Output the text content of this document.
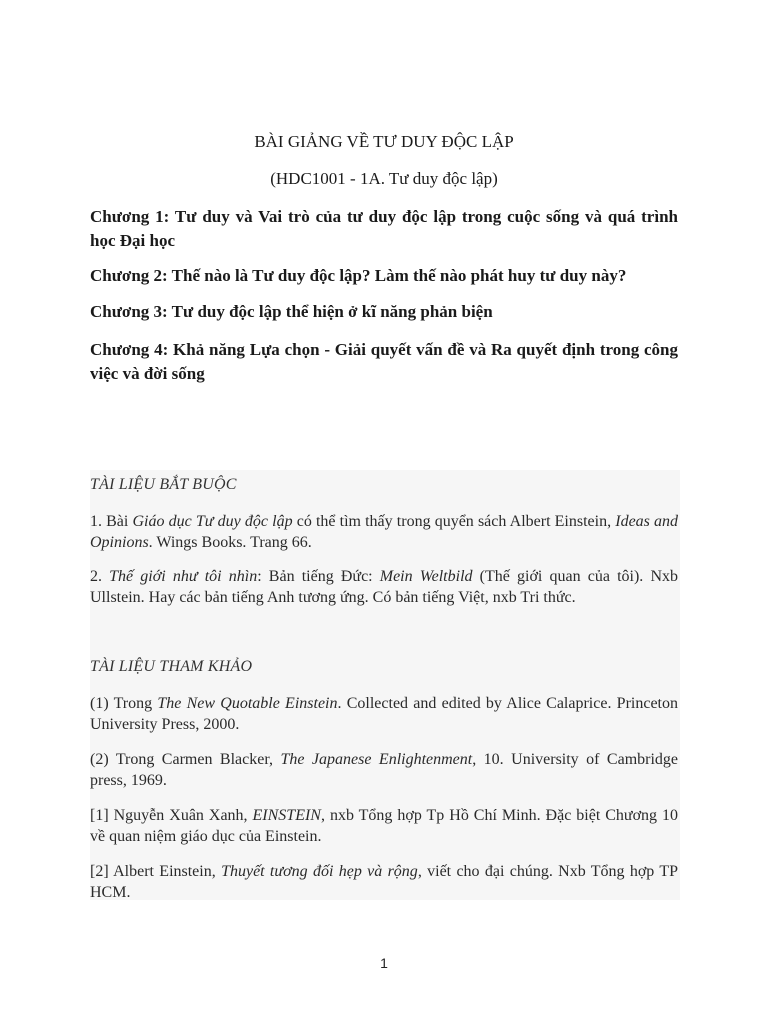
BÀI GIẢNG VỀ TƯ DUY ĐỘC LẬP
(HDC1001 - 1A. Tư duy độc lập)
Chương 1: Tư duy và Vai trò của tư duy độc lập trong cuộc sống và quá trình học Đại học
Chương 2: Thế nào là Tư duy độc lập? Làm thế nào phát huy tư duy này?
Chương 3: Tư duy độc lập thể hiện ở kĩ năng phản biện
Chương 4: Khả năng Lựa chọn - Giải quyết vấn đề và Ra quyết định trong công việc và đời sống
TÀI LIỆU BẮT BUỘC
1. Bài Giáo dục Tư duy độc lập có thể tìm thấy trong quyển sách Albert Einstein, Ideas and Opinions. Wings Books. Trang 66.
2. Thế giới như tôi nhìn: Bản tiếng Đức: Mein Weltbild (Thế giới quan của tôi). Nxb Ullstein. Hay các bản tiếng Anh tương ứng. Có bản tiếng Việt, nxb Tri thức.
TÀI LIỆU THAM KHẢO
(1) Trong The New Quotable Einstein. Collected and edited by Alice Calaprice. Princeton University Press, 2000.
(2) Trong Carmen Blacker, The Japanese Enlightenment, 10. University of Cambridge press, 1969.
[1] Nguyễn Xuân Xanh, EINSTEIN, nxb Tổng hợp Tp Hồ Chí Minh. Đặc biệt Chương 10 về quan niệm giáo dục của Einstein.
[2] Albert Einstein, Thuyết tương đối hẹp và rộng, viết cho đại chúng. Nxb Tổng hợp TP HCM.
1
